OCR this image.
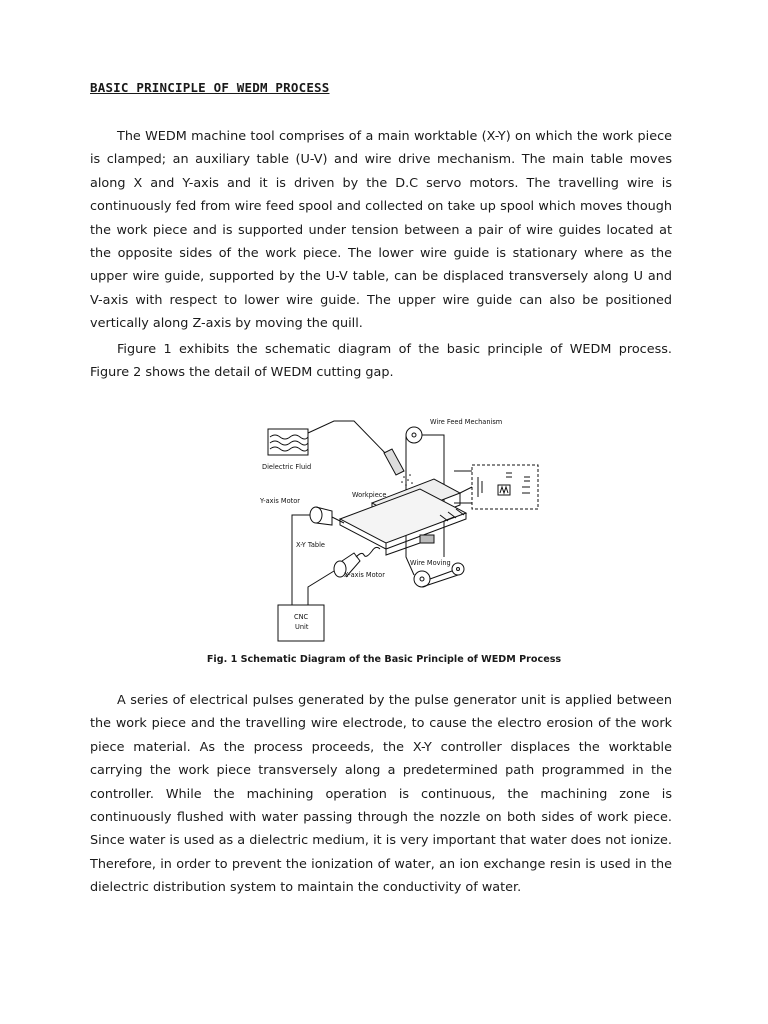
BASIC PRINCIPLE OF WEDM PROCESS

The WEDM machine tool comprises of a main worktable (X-Y) on which the work piece is clamped; an auxiliary table (U-V) and wire drive mechanism. The main table moves along X and Y-axis and it is driven by the D.C servo motors. The travelling wire is continuously fed from wire feed spool and collected on take up spool which moves though the work piece and is supported under tension between a pair of wire guides located at the opposite sides of the work piece. The lower wire guide is stationary where as the upper wire guide, supported by the U-V table, can be displaced transversely along U and V-axis with respect to lower wire guide. The upper wire guide can also be positioned vertically along Z-axis by moving the quill.

Figure 1 exhibits the schematic diagram of the basic principle of WEDM process. Figure 2 shows the detail of WEDM cutting gap.

Wire Feed Mechanism
Dielectric Fluid
Workpiece
Y-axis Motor
X-Y Table
Wire Moving
X-axis Motor
CNC
Unit
Fig. 1 Schematic Diagram of the Basic Principle of WEDM Process

A series of electrical pulses generated by the pulse generator unit is applied between the work piece and the travelling wire electrode, to cause the electro erosion of the work piece material. As the process proceeds, the X-Y controller displaces the worktable carrying the work piece transversely along a predetermined path programmed in the controller. While the machining operation is continuous, the machining zone is continuously flushed with water passing through the nozzle on both sides of work piece. Since water is used as a dielectric medium, it is very important that water does not ionize. Therefore, in order to prevent the ionization of water, an ion exchange resin is used in the dielectric distribution system to maintain the conductivity of water.
